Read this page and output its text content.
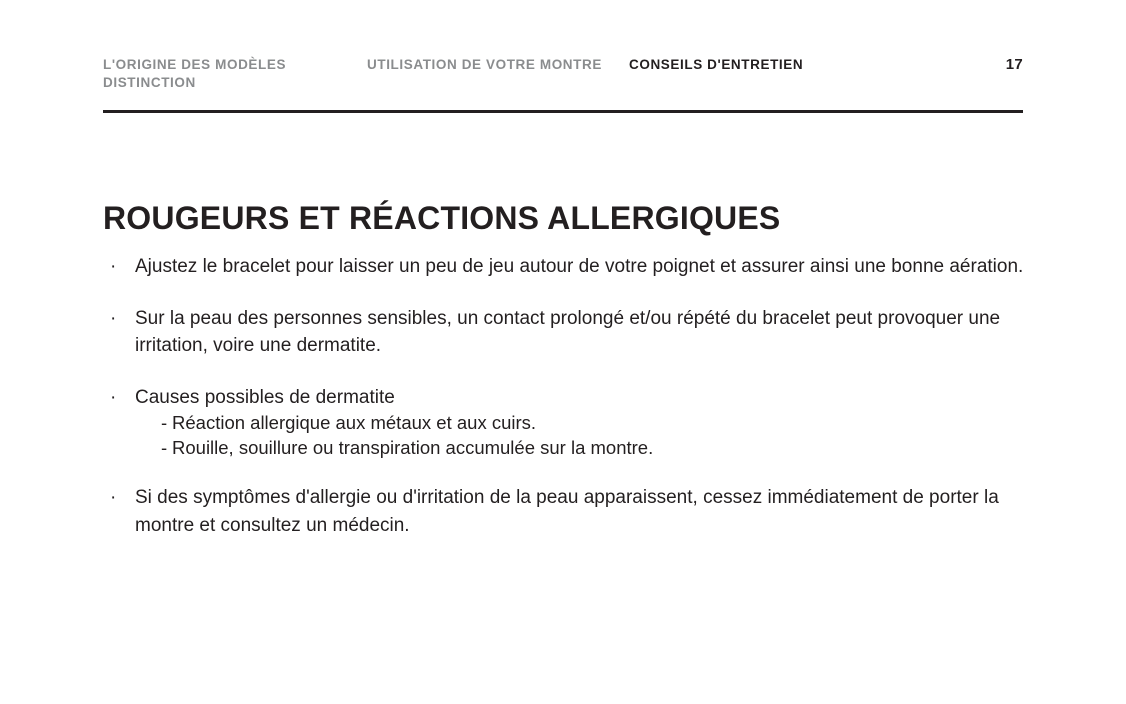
L'ORIGINE DES MODÈLES DISTINCTION
UTILISATION DE VOTRE MONTRE	CONSEILS D'ENTRETIEN	17
ROUGEURS ET RÉACTIONS ALLERGIQUES
· Ajustez le bracelet pour laisser un peu de jeu autour de votre poignet et assurer ainsi une bonne aération.
· Sur la peau des personnes sensibles, un contact prolongé et/ou répété du bracelet peut provoquer une irritation, voire une dermatite.
· Causes possibles de dermatite
- Réaction allergique aux métaux et aux cuirs.
- Rouille, souillure ou transpiration accumulée sur la montre.
· Si des symptômes d'allergie ou d'irritation de la peau apparaissent, cessez immédiatement de porter la montre et consultez un médecin.
